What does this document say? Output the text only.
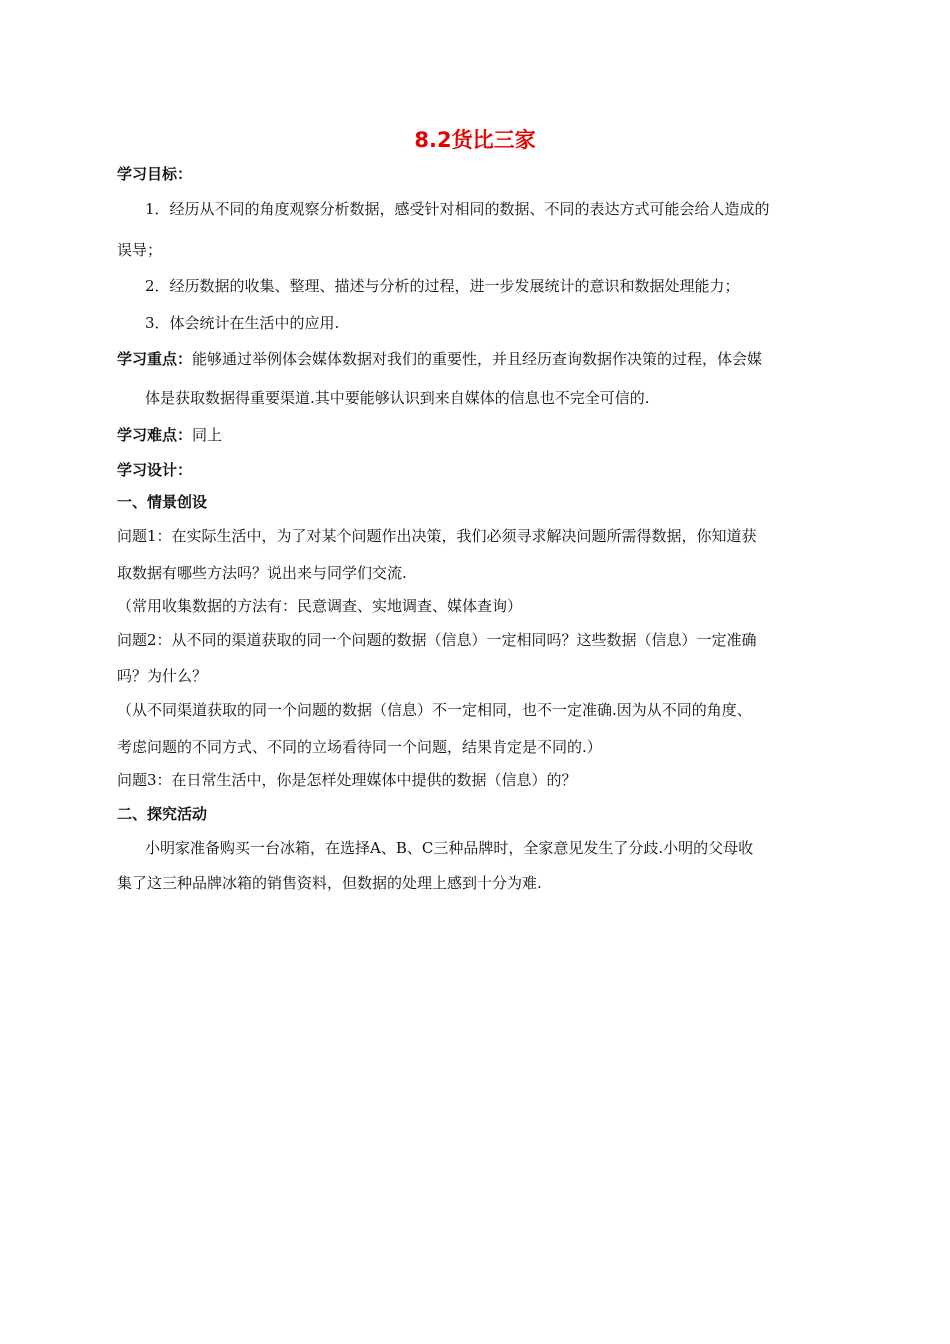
8.2货比三家
学习目标：
1．经历从不同的角度观察分析数据，感受针对相同的数据、不同的表达方式可能会给人造成的
误导；
2．经历数据的收集、整理、描述与分析的过程，进一步发展统计的意识和数据处理能力；
3．体会统计在生活中的应用.
学习重点：能够通过举例体会媒体数据对我们的重要性，并且经历查询数据作决策的过程，体会媒
体是获取数据得重要渠道.其中要能够认识到来自媒体的信息也不完全可信的.
学习难点：同上
学习设计：
一、情景创设
问题1：在实际生活中，为了对某个问题作出决策，我们必须寻求解决问题所需得数据，你知道获
取数据有哪些方法吗？说出来与同学们交流.
（常用收集数据的方法有：民意调查、实地调查、媒体查询）
问题2：从不同的渠道获取的同一个问题的数据（信息）一定相同吗？这些数据（信息）一定准确
吗？为什么？
（从不同渠道获取的同一个问题的数据（信息）不一定相同，也不一定准确.因为从不同的角度、
考虑问题的不同方式、不同的立场看待同一个问题，结果肯定是不同的.）
问题3：在日常生活中，你是怎样处理媒体中提供的数据（信息）的？
二、探究活动
小明家准备购买一台冰箱，在选择A、B、C三种品牌时，全家意见发生了分歧.小明的父母收
集了这三种品牌冰箱的销售资料，但数据的处理上感到十分为难.
